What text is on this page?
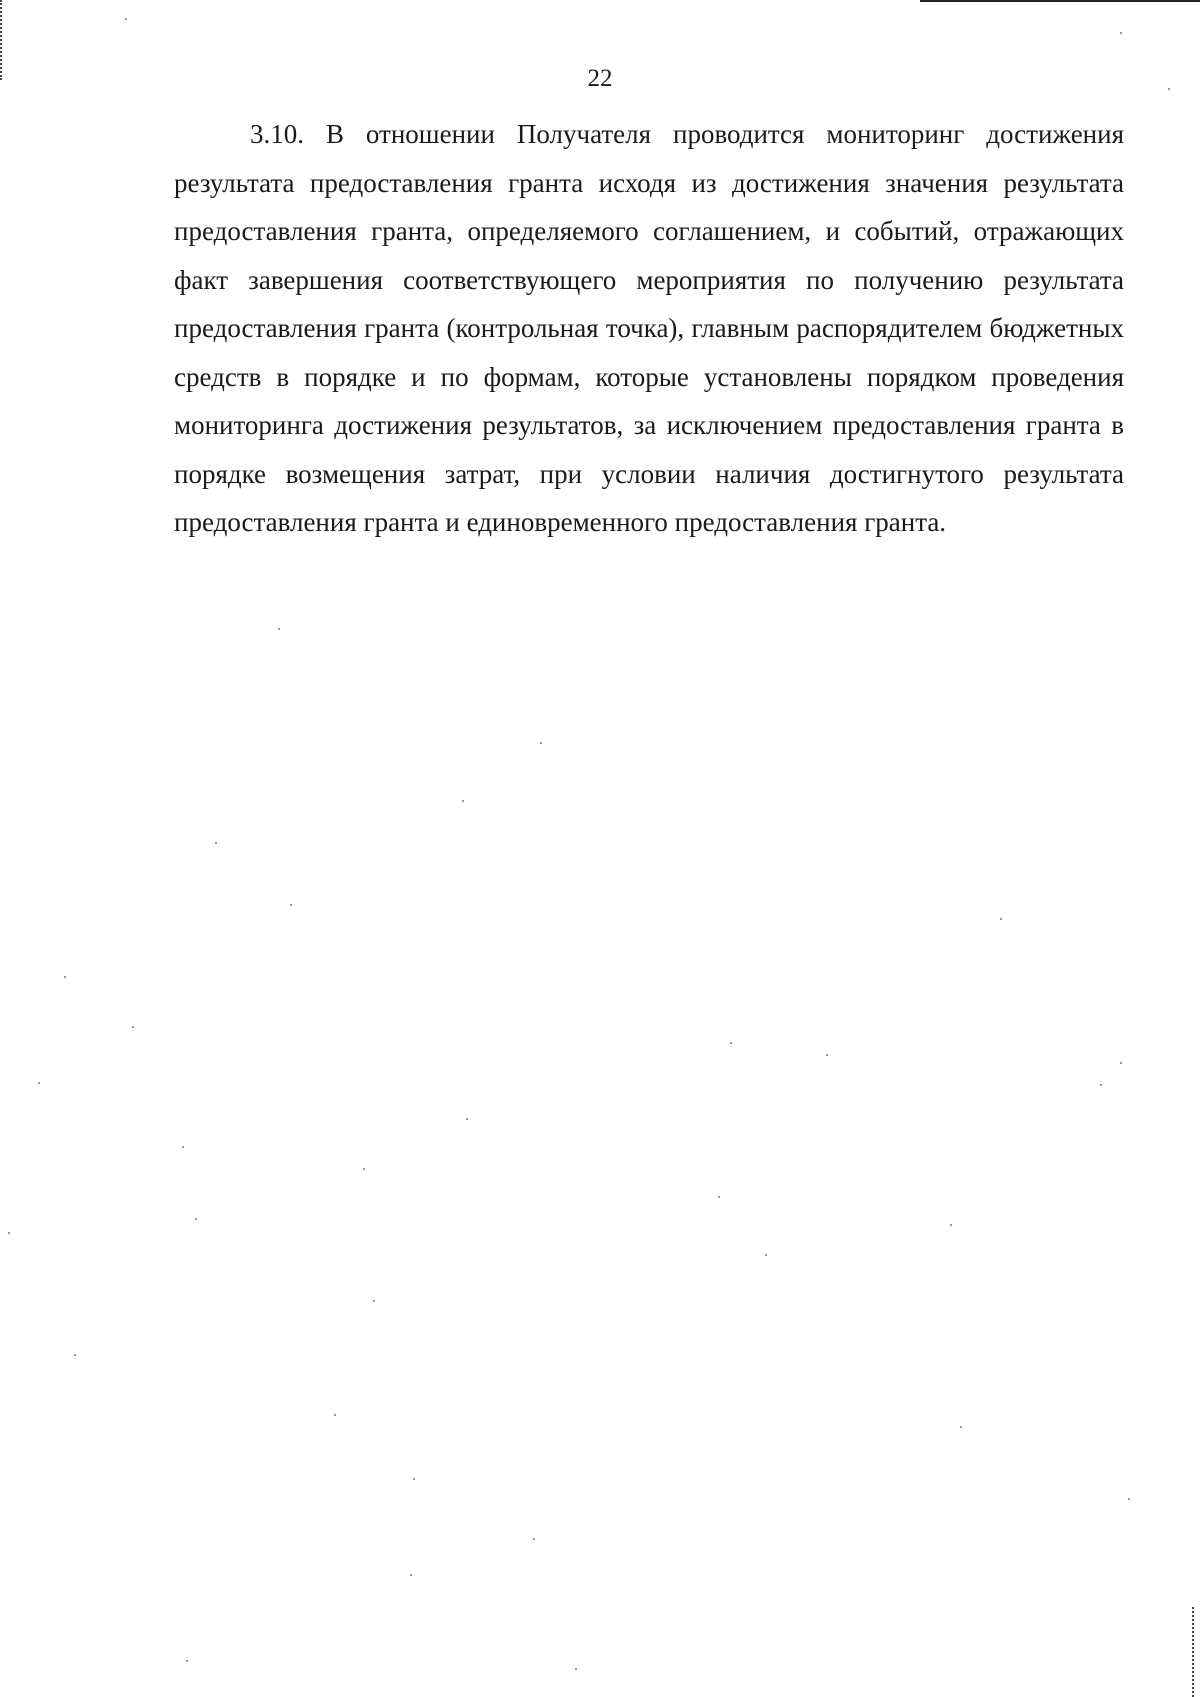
22

3.10. В отношении Получателя проводится мониторинг достижения результата предоставления гранта исходя из достижения значения результата предоставления гранта, определяемого соглашением, и событий, отражающих факт завершения соответствующего мероприятия по получению результата предоставления гранта (контрольная точка), главным распорядителем бюджетных средств в порядке и по формам, которые установлены порядком проведения мониторинга достижения результатов, за исключением предоставления гранта в порядке возмещения затрат, при условии наличия достигнутого результата предоставления гранта и единовременного предоставления гранта.
